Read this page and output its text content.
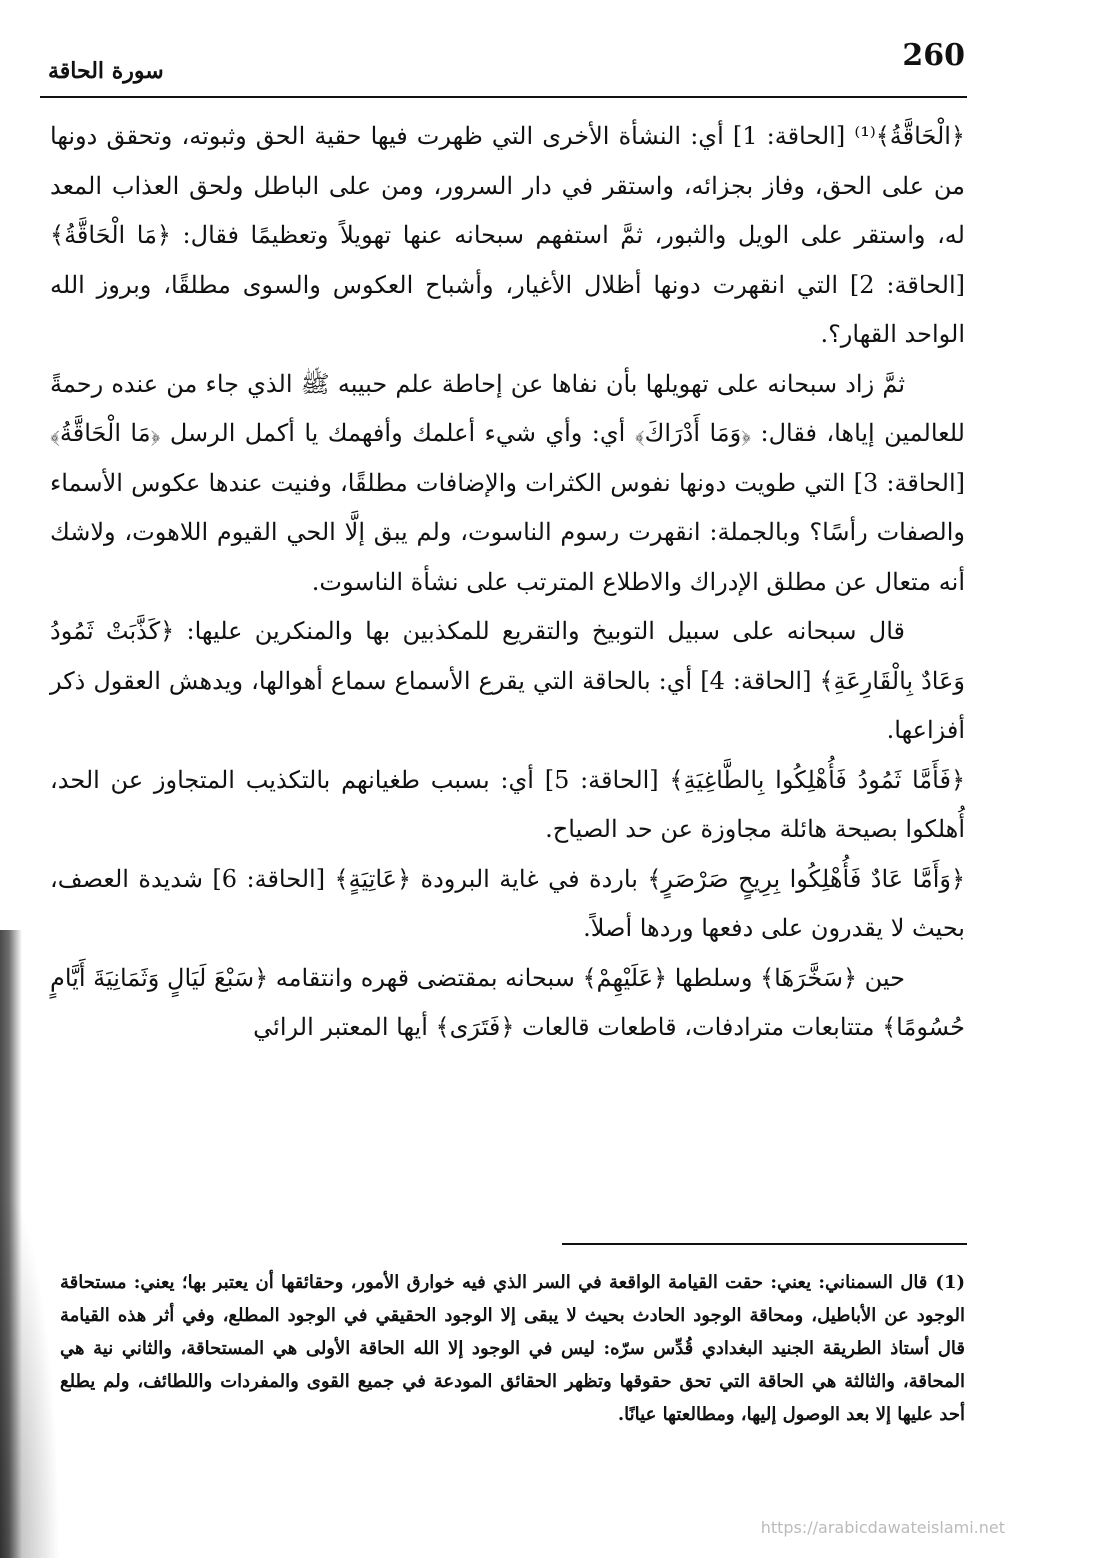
260
سورة الحاقة

﴿الْحَاقَّةُ﴾⁽¹⁾ [الحاقة: 1] أي: النشأة الأخرى التي ظهرت فيها حقية الحق وثبوته، وتحقق دونها من على الحق، وفاز بجزائه، واستقر في دار السرور، ومن على الباطل ولحق العذاب المعد له، واستقر على الويل والثبور، ثمَّ استفهم سبحانه عنها تهويلاً وتعظيمًا فقال: ﴿مَا الْحَاقَّةُ﴾ [الحاقة: 2] التي انقهرت دونها أظلال الأغيار، وأشباح العكوس والسوى مطلقًا، وبروز الله الواحد القهار؟.

ثمَّ زاد سبحانه على تهويلها بأن نفاها عن إحاطة علم حبيبه ﷺ الذي جاء من عنده رحمةً للعالمين إياها، فقال: ﴿وَمَا أَدْرَاكَ﴾ أي: وأي شيء أعلمك وأفهمك يا أكمل الرسل ﴿مَا الْحَاقَّةُ﴾ [الحاقة: 3] التي طويت دونها نفوس الكثرات والإضافات مطلقًا، وفنيت عندها عكوس الأسماء والصفات رأسًا؟ وبالجملة: انقهرت رسوم الناسوت، ولم يبق إلَّا الحي القيوم اللاهوت، ولاشك أنه متعال عن مطلق الإدراك والاطلاع المترتب على نشأة الناسوت.

قال سبحانه على سبيل التوبيخ والتقريع للمكذبين بها والمنكرين عليها: ﴿كَذَّبَتْ ثَمُودُ وَعَادٌ بِالْقَارِعَةِ﴾ [الحاقة: 4] أي: بالحاقة التي يقرع الأسماع سماع أهوالها، ويدهش العقول ذكر أفزاعها.

﴿فَأَمَّا ثَمُودُ فَأُهْلِكُوا بِالطَّاغِيَةِ﴾ [الحاقة: 5] أي: بسبب طغيانهم بالتكذيب المتجاوز عن الحد، أُهلكوا بصيحة هائلة مجاوزة عن حد الصياح.

﴿وَأَمَّا عَادٌ فَأُهْلِكُوا بِرِيحٍ صَرْصَرٍ﴾ باردة في غاية البرودة ﴿عَاتِيَةٍ﴾ [الحاقة: 6] شديدة العصف، بحيث لا يقدرون على دفعها وردها أصلاً.

حين ﴿سَخَّرَهَا﴾ وسلطها ﴿عَلَيْهِمْ﴾ سبحانه بمقتضى قهره وانتقامه ﴿سَبْعَ لَيَالٍ وَثَمَانِيَةَ أَيَّامٍ حُسُومًا﴾ متتابعات مترادفات، قاطعات قالعات ﴿فَتَرَى﴾ أيها المعتبر الرائي

(1)قال السمناني: يعني: حقت القيامة الواقعة في السر الذي فيه خوارق الأمور، وحقائقها أن يعتبر بها؛ يعني: مستحاقة الوجود عن الأباطيل، ومحاقة الوجود الحادث بحيث لا يبقى إلا الوجود الحقيقي في الوجود المطلع، وفي أثر هذه القيامة قال أستاذ الطريقة الجنيد البغدادي قُدِّس سرّه: ليس في الوجود إلا الله الحاقة الأولى هي المستحاقة، والثاني نية هي المحاقة، والثالثة هي الحاقة التي تحق حقوقها وتظهر الحقائق المودعة في جميع القوى والمفردات واللطائف، ولم يطلع أحد عليها إلا بعد الوصول إليها، ومطالعتها عيانًا.
https://arabicdawateislami.net
